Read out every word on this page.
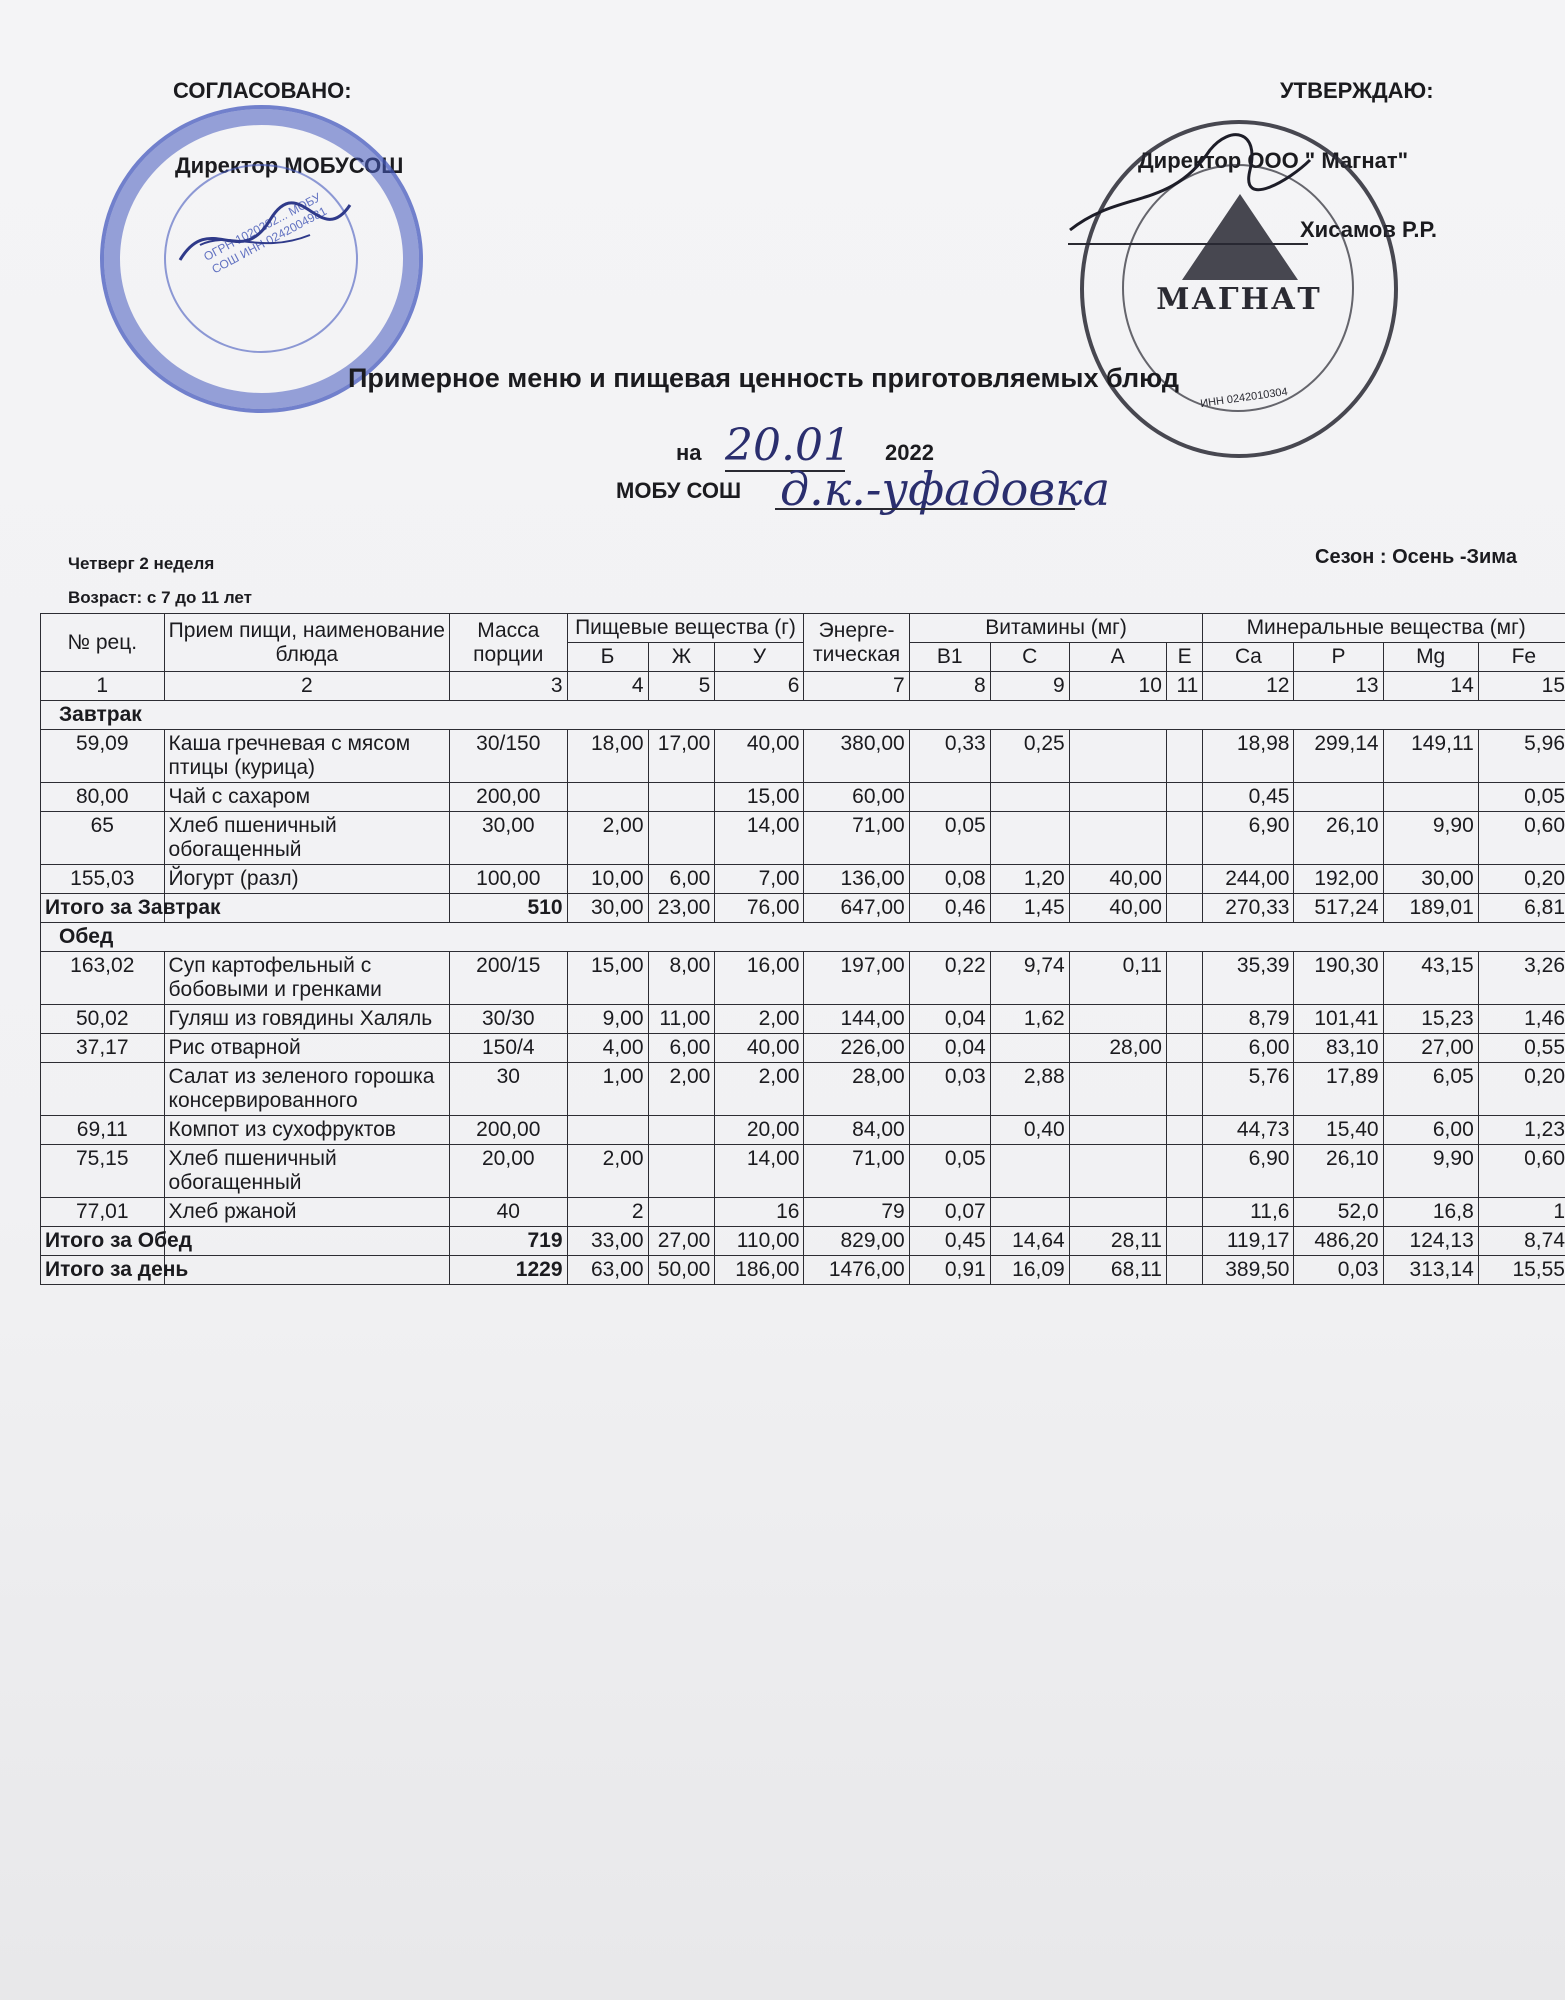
СОГЛАСОВАНО:
Директор МОБУСОШ
УТВЕРЖДАЮ:
Директор ООО " Магнат"
Хисамов Р.Р.
ОГРН 1020202... МОБУ СОШ ИНН 0242004981
МАГНАТ
ИНН 0242010304
Примерное меню и пищевая ценность приготовляемых блюд
на 20.01 2022
МОБУ СОШ д.к.-уфадовка
Четверг 2 неделя	Сезон : Осень -Зима
Возраст: с 7 до 11 лет
№ рец.	Прием пищи, наименование блюда	Масса порции	Пищевые вещества (г)			Энерге-тическая	Витамины (мг)				Минеральные вещества (мг)			
			Б	Ж	У		В1	С	А	Е	Ca	P	Mg	Fe
1	2	3	4	5	6	7	8	9	10	11	12	13	14	15
Завтрак														
59,09	Каша гречневая с мясом птицы (курица)	30/150	18,00	17,00	40,00	380,00	0,33	0,25			18,98	299,14	149,11	5,96
80,00	Чай с сахаром	200,00			15,00	60,00					0,45			0,05
65	Хлеб пшеничный обогащенный	30,00	2,00		14,00	71,00	0,05				6,90	26,10	9,90	0,60
155,03	Йогурт (разл)	100,00	10,00	6,00	7,00	136,00	0,08	1,20	40,00		244,00	192,00	30,00	0,20
Итого за Завтрак		510	30,00	23,00	76,00	647,00	0,46	1,45	40,00		270,33	517,24	189,01	6,81
Обед														
163,02	Суп картофельный с бобовыми и гренками	200/15	15,00	8,00	16,00	197,00	0,22	9,74	0,11		35,39	190,30	43,15	3,26
50,02	Гуляш из говядины Халяль	30/30	9,00	11,00	2,00	144,00	0,04	1,62			8,79	101,41	15,23	1,46
37,17	Рис отварной	150/4	4,00	6,00	40,00	226,00	0,04		28,00		6,00	83,10	27,00	0,55
	Салат из зеленого горошка консервированного	30	1,00	2,00	2,00	28,00	0,03	2,88			5,76	17,89	6,05	0,20
69,11	Компот из сухофруктов	200,00			20,00	84,00		0,40			44,73	15,40	6,00	1,23
75,15	Хлеб пшеничный обогащенный	20,00	2,00		14,00	71,00	0,05				6,90	26,10	9,90	0,60
77,01	Хлеб ржаной	40	2		16	79	0,07				11,6	52,0	16,8	1
Итого за Обед		719	33,00	27,00	110,00	829,00	0,45	14,64	28,11		119,17	486,20	124,13	8,74
Итого за день		1229	63,00	50,00	186,00	1476,00	0,91	16,09	68,11		389,50	0,03	313,14	15,55
